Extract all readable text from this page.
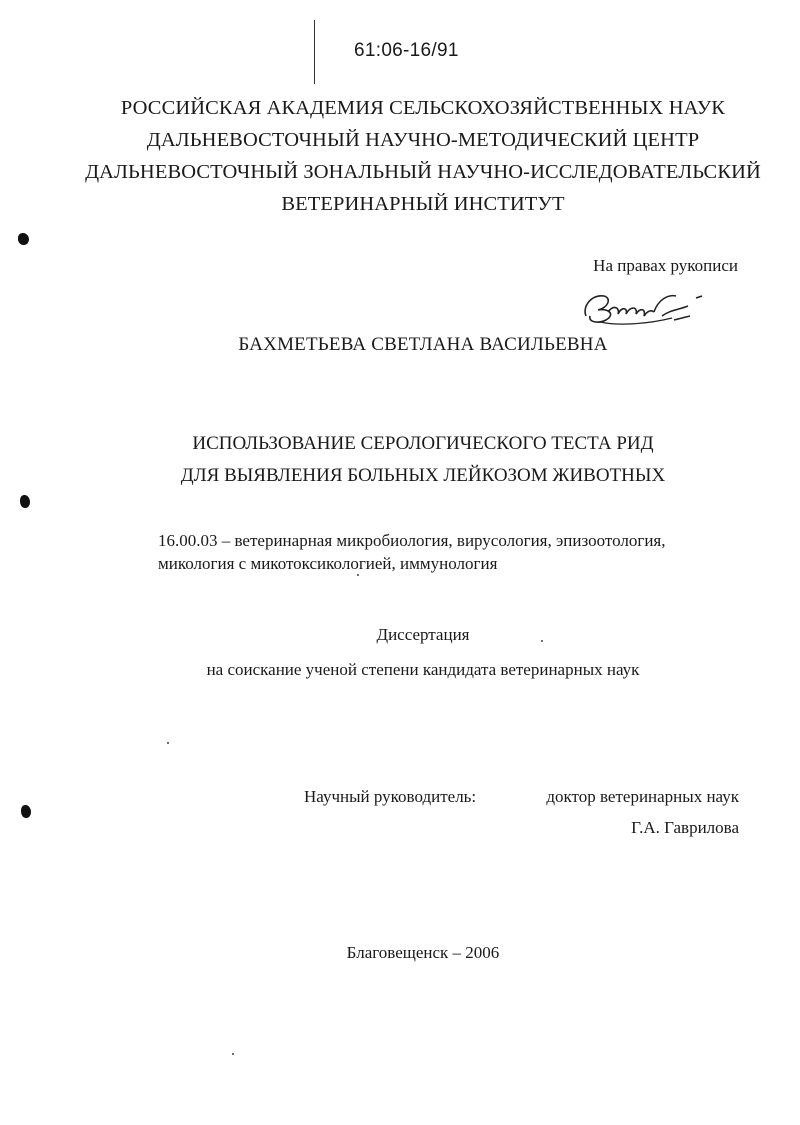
61:06-16/91
РОССИЙСКАЯ АКАДЕМИЯ СЕЛЬСКОХОЗЯЙСТВЕННЫХ НАУК
ДАЛЬНЕВОСТОЧНЫЙ НАУЧНО-МЕТОДИЧЕСКИЙ ЦЕНТР
ДАЛЬНЕВОСТОЧНЫЙ ЗОНАЛЬНЫЙ НАУЧНО-ИССЛЕДОВАТЕЛЬСКИЙ
ВЕТЕРИНАРНЫЙ ИНСТИТУТ
На правах рукописи
Бахм
БАХМЕТЬЕВА СВЕТЛАНА ВАСИЛЬЕВНА
ИСПОЛЬЗОВАНИЕ СЕРОЛОГИЧЕСКОГО ТЕСТА РИД
ДЛЯ ВЫЯВЛЕНИЯ БОЛЬНЫХ ЛЕЙКОЗОМ ЖИВОТНЫХ
16.00.03 – ветеринарная микробиология, вирусология, эпизоотология,
микология с микотоксикологией, иммунология
Диссертация
на соискание ученой степени кандидата ветеринарных наук
Научный руководитель:	доктор ветеринарных наук
Г.А. Гаврилова
Благовещенск – 2006
